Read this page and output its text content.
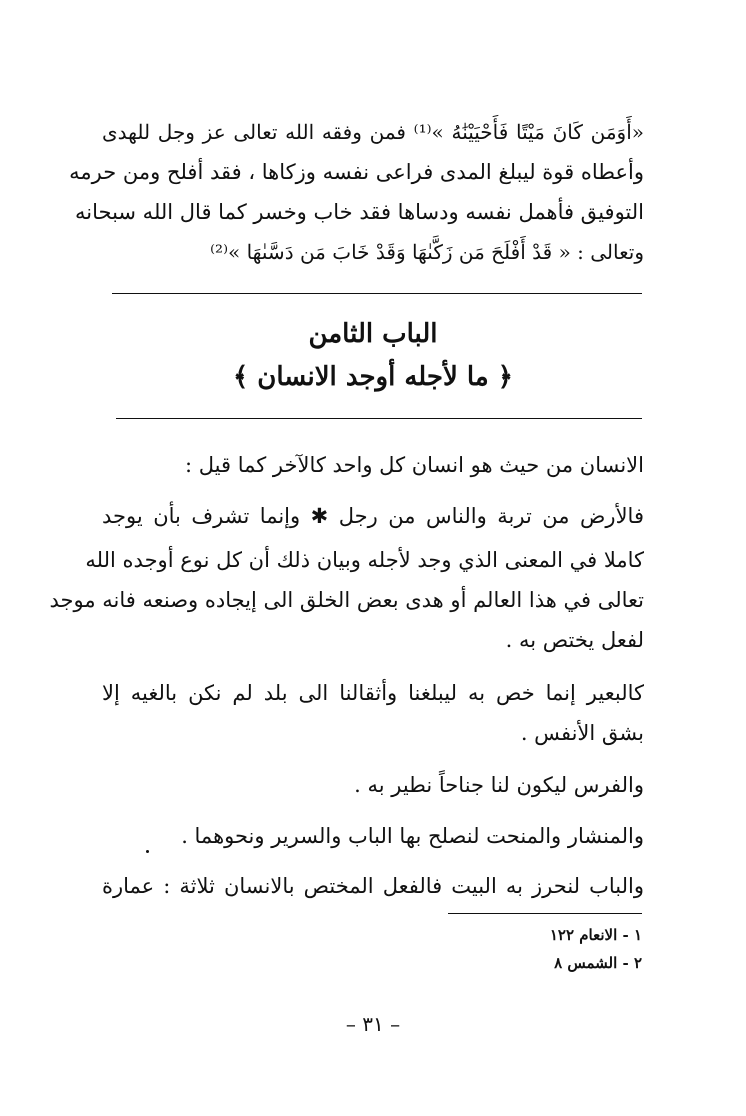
«أَوَمَن كَانَ مَيْتًا فَأَحْيَيْنَٰهُ »⁽¹⁾ فمن وفقه الله تعالى عز وجل للهدى
وأعطاه قوة ليبلغ المدى فراعى نفسه وزكاها ، فقد أفلح ومن حرمه
التوفيق فأهمل نفسه ودساها فقد خاب وخسر كما قال الله سبحانه
وتعالى : « قَدْ أَفْلَحَ مَن زَكَّىٰهَا وَقَدْ خَابَ مَن دَسَّىٰهَا »⁽²⁾
الباب الثامن
﴿ ما لأجله أوجد الانسان ﴾
الانسان من حيث هو انسان كل واحد كالآخر كما قيل :
فالأرض من تربة والناس من رجل ✱ وإنما تشرف بأن يوجد
كاملا في المعنى الذي وجد لأجله وبيان ذلك أن كل نوع أوجده الله
تعالى في هذا العالم أو هدى بعض الخلق الى إيجاده وصنعه فانه موجد
لفعل يختص به .
كالبعير إنما خص به ليبلغنا وأثقالنا الى بلد لم نكن بالغيه إلا
بشق الأنفس .
والفرس ليكون لنا جناحاً نطير به .
والمنشار والمنحت لنصلح بها الباب والسرير ونحوهما .
والباب لنحرز به البيت فالفعل المختص بالانسان ثلاثة : عمارة
١ - الانعام ١٢٢
٢ - الشمس ٨
– ٣١ –
